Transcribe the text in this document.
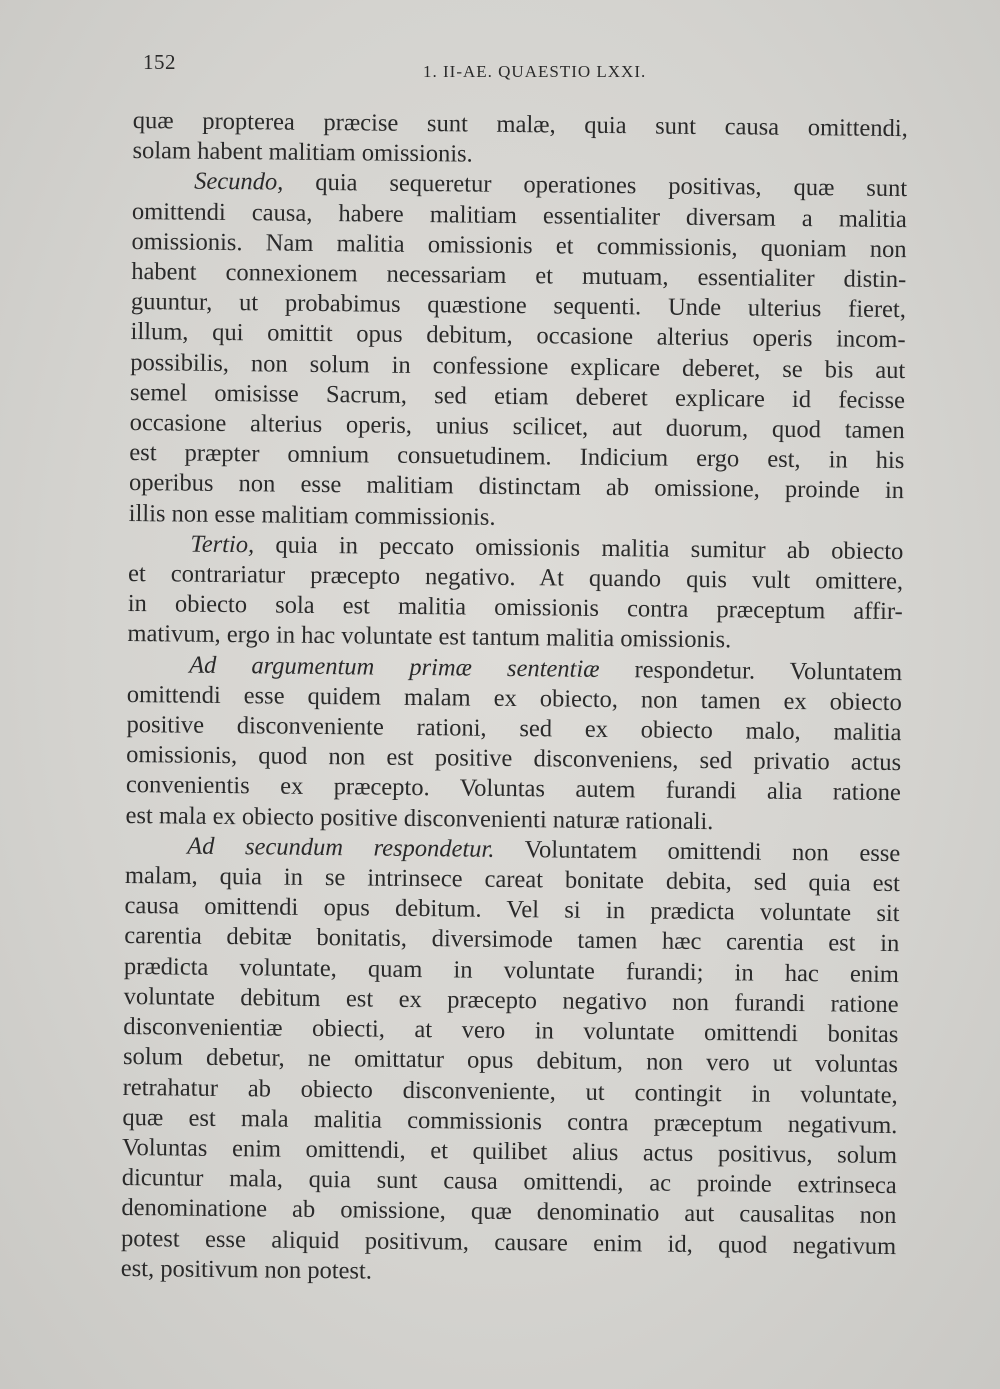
152	1. II-AE. QUAESTIO LXXI.

quæ propterea præcise sunt malæ, quia sunt causa omittendi,
solam habent malitiam omissionis.

Secundo, quia sequeretur operationes positivas, quæ sunt
omittendi causa, habere malitiam essentialiter diversam a malitia
omissionis. Nam malitia omissionis et commissionis, quoniam non
habent connexionem necessariam et mutuam, essentialiter distin-
guuntur, ut probabimus quæstione sequenti. Unde ulterius fieret,
illum, qui omittit opus debitum, occasione alterius operis incom-
possibilis, non solum in confessione explicare deberet, se bis aut
semel omisisse Sacrum, sed etiam deberet explicare id fecisse
occasione alterius operis, unius scilicet, aut duorum, quod tamen
est præpter omnium consuetudinem. Indicium ergo est, in his
operibus non esse malitiam distinctam ab omissione, proinde in
illis non esse malitiam commissionis.

Tertio, quia in peccato omissionis malitia sumitur ab obiecto
et contrariatur præcepto negativo. At quando quis vult omittere,
in obiecto sola est malitia omissionis contra præceptum affir-
mativum, ergo in hac voluntate est tantum malitia omissionis.

Ad argumentum primæ sententiæ respondetur. Voluntatem
omittendi esse quidem malam ex obiecto, non tamen ex obiecto
positive disconveniente rationi, sed ex obiecto malo, malitia
omissionis, quod non est positive disconveniens, sed privatio actus
convenientis ex præcepto. Voluntas autem furandi alia ratione
est mala ex obiecto positive disconvenienti naturæ rationali.

Ad secundum respondetur. Voluntatem omittendi non esse
malam, quia in se intrinsece careat bonitate debita, sed quia est
causa omittendi opus debitum. Vel si in prædicta voluntate sit
carentia debitæ bonitatis, diversimode tamen hæc carentia est in
prædicta voluntate, quam in voluntate furandi; in hac enim
voluntate debitum est ex præcepto negativo non furandi ratione
disconvenientiæ obiecti, at vero in voluntate omittendi bonitas
solum debetur, ne omittatur opus debitum, non vero ut voluntas
retrahatur ab obiecto disconveniente, ut contingit in voluntate,
quæ est mala malitia commissionis contra præceptum negativum.
Voluntas enim omittendi, et quilibet alius actus positivus, solum
dicuntur mala, quia sunt causa omittendi, ac proinde extrinseca
denominatione ab omissione, quæ denominatio aut causalitas non
potest esse aliquid positivum, causare enim id, quod negativum
est, positivum non potest.
